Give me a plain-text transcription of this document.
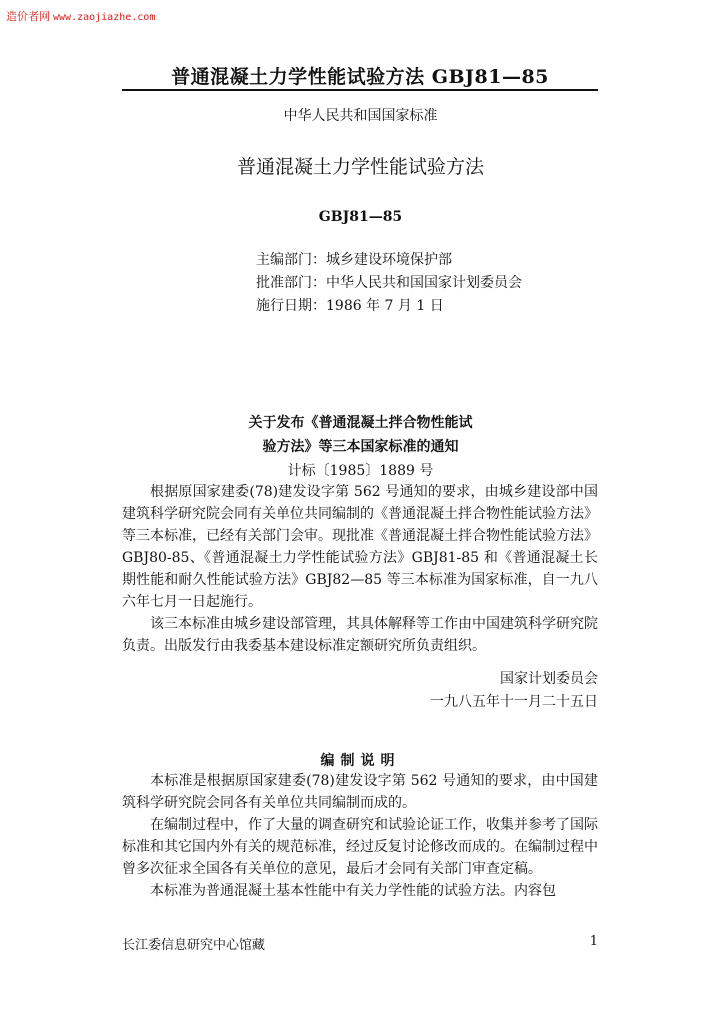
造价者网 www.zaojiazhe.com
普通混凝土力学性能试验方法 GBJ81—85
中华人民共和国国家标准
普通混凝土力学性能试验方法
GBJ81—85
主编部门：城乡建设环境保护部
批准部门：中华人民共和国国家计划委员会
施行日期：1986 年 7 月 1 日
关于发布《普通混凝土拌合物性能试
验方法》等三本国家标准的通知
计标〔1985〕1889 号

根据原国家建委(78)建发设字第 562 号通知的要求，由城乡建设部中国建筑科学研究院会同有关单位共同编制的《普通混凝土拌合物性能试验方法》等三本标准，已经有关部门会审。现批准《普通混凝土拌合物性能试验方法》GBJ80-85、《普通混凝土力学性能试验方法》GBJ81-85 和《普通混凝土长期性能和耐久性能试验方法》GBJ82—85 等三本标准为国家标准，自一九八六年七月一日起施行。

该三本标准由城乡建设部管理，其具体解释等工作由中国建筑科学研究院负责。出版发行由我委基本建设标准定额研究所负责组织。

国家计划委员会
一九八五年十一月二十五日
编制说明

本标准是根据原国家建委(78)建发设字第 562 号通知的要求，由中国建筑科学研究院会同各有关单位共同编制而成的。

在编制过程中，作了大量的调查研究和试验论证工作，收集并参考了国际标准和其它国内外有关的规范标准，经过反复讨论修改而成的。在编制过程中曾多次征求全国各有关单位的意见，最后才会同有关部门审查定稿。

本标准为普通混凝土基本性能中有关力学性能的试验方法。内容包

长江委信息研究中心馆藏	1
